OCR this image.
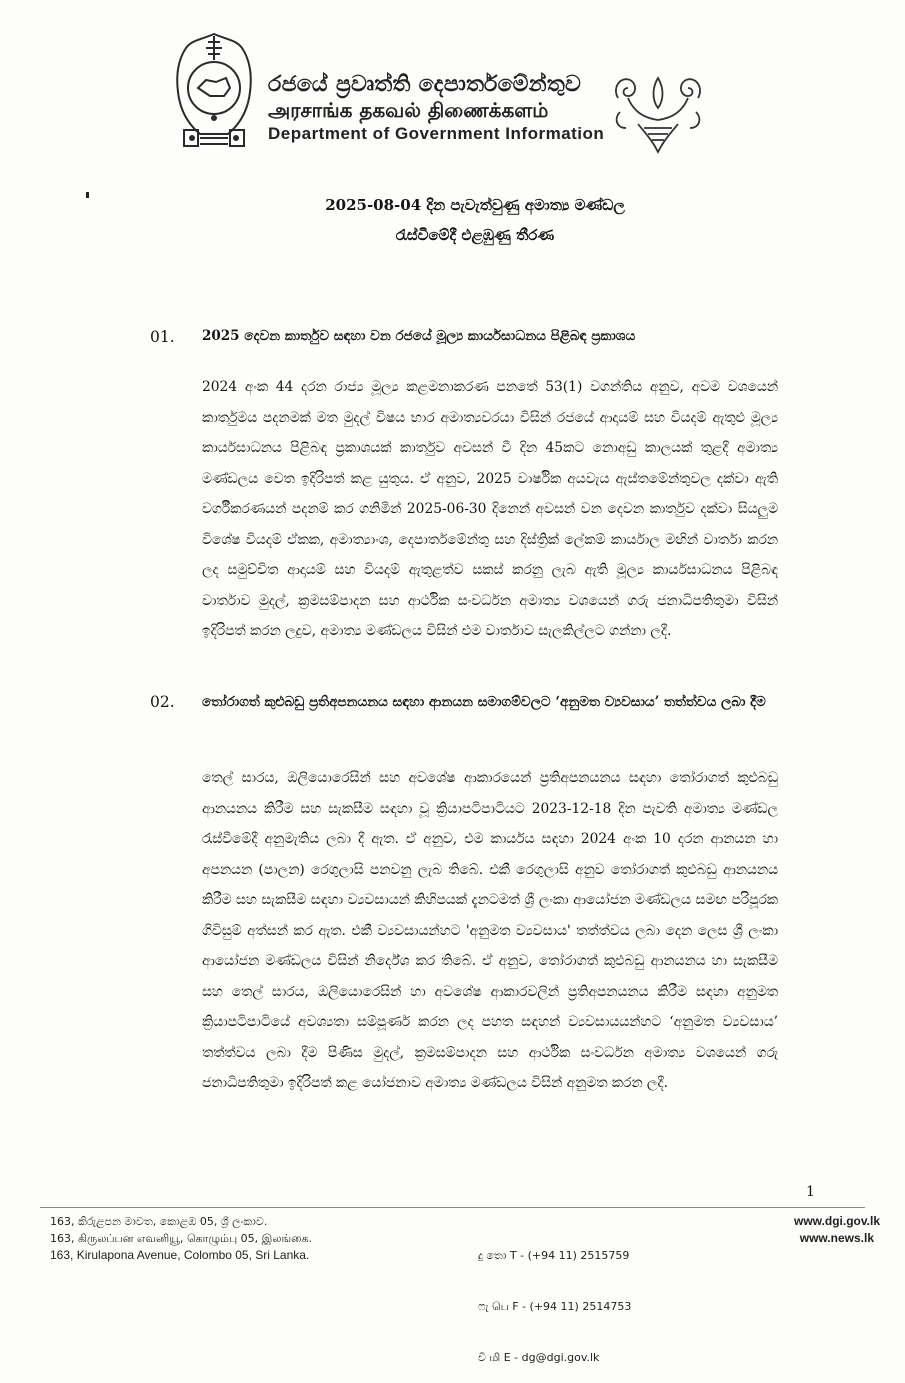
රජයේ ප්‍රවෘත්ති දෙපාර්තමේන්තුව
அரசாங்க தகவல் திணைக்களம்
Department of Government Information
2025-08-04 දින පැවැත්වුණු අමාත්‍ය මණ්ඩල
රැස්වීමේදී එළඹුණු තීරණ
01. 2025 දෙවන කාර්තුව සඳහා වන රජයේ මූල්‍ය කාර්යසාධනය පිළිබඳ ප්‍රකාශය
2024 අංක 44 දරන රාජ්‍ය මූල්‍ය කළමනාකරණ පනතේ 53(1) වගන්තිය අනුව, අවම වශයෙන් කාර්තුමය පදනමක් මත මුදල් විෂය භාර අමාත්‍යවරයා විසින් රජයේ ආදායම් සහ වියදම් ඇතුළු මූල්‍ය කාර්යසාධනය පිළිබඳ ප්‍රකාශයක් කාර්තුව අවසන් වී දින 45කට නොඅඩු කාලයක් තුළදී අමාත්‍ය මණ්ඩලය වෙත ඉදිරිපත් කළ යුතුය. ඒ අනුව, 2025 වාර්ෂික අයවැය ඇස්තමේන්තුවල දක්වා ඇති වර්ගීකරණයන් පදනම් කර ගනිමින් 2025-06-30 දිනෙන් අවසන් වන දෙවන කාර්තුව දක්වා සියලුම විශේෂ වියදම් ඒකක, අමාත්‍යාංශ, දෙපාර්තමේන්තු සහ දිස්ත්‍රික් ලේකම් කාර්යාල මඟින් වාර්තා කරන ලද සමුච්චිත ආදායම් සහ වියදම් ඇතුළත්ව සකස් කරනු ලැබ ඇති මූල්‍ය කාර්යසාධනය පිළිබඳ වාර්තාව මුදල්, ක්‍රමසම්පාදන සහ ආර්ථික සංවර්ධන අමාත්‍ය වශයෙන් ගරු ජනාධිපතිතුමා විසින් ඉදිරිපත් කරන ලදුව, අමාත්‍ය මණ්ඩලය විසින් එම වාර්තාව සැලකිල්ලට ගන්නා ලදී.
02. තෝරාගත් කුළුබඩු ප්‍රතිඅපනයනය සඳහා ආනයන සමාගම්වලට ‘අනුමත ව්‍යවසාය’ තත්ත්වය ලබා දීම
තෙල් සාරය, ඔලියොරෙසින් සහ අවශේෂ ආකාරයෙන් ප්‍රතිඅපනයනය සඳහා තෝරාගත් කුළුබඩු ආනයනය කිරීම සහ සැකසීම සඳහා වූ ක්‍රියාපටිපාටියට 2023-12-18 දින පැවති අමාත්‍ය මණ්ඩල රැස්වීමේදී අනුමැතිය ලබා දී ඇත. ඒ අනුව, එම කාර්යය සඳහා 2024 අංක 10 දරන ආනයන හා අපනයන (පාලන) රෙගුලාසි පනවනු ලැබ තිබේ. එකී රෙගුලාසි අනුව තෝරාගත් කුළුබඩු ආනයනය කිරීම සහ සැකසීම සඳහා ව්‍යවසායන් කිහිපයක් දැනටමත් ශ්‍රී ලංකා ආයෝජන මණ්ඩලය සමඟ පරිපූරක ගිවිසුම් අත්සන් කර ඇත. එකී ව්‍යවසායන්හට 'අනුමත ව්‍යවසාය' තත්ත්වය ලබා දෙන ලෙස ශ්‍රී ලංකා ආයෝජන මණ්ඩලය විසින් නිර්දේශ කර තිබේ. ඒ අනුව, තෝරාගත් කුළුබඩු ආනයනය හා සැකසීම සහ තෙල් සාරය, ඔලියොරෙසින් හා අවශේෂ ආකාරවලින් ප්‍රතිඅපනයනය කිරීම සඳහා අනුමත ක්‍රියාපටිපාටියේ අවශ්‍යතා සම්පූර්ණ කරන ලද පහත සඳහන් ව්‍යවසායයන්හට ‘අනුමත ව්‍යවසාය’ තත්ත්වය ලබා දීම පිණිස මුදල්, ක්‍රමසම්පාදන සහ ආර්ථික සංවර්ධන අමාත්‍ය වශයෙන් ගරු ජනාධිපතිතුමා ඉදිරිපත් කළ යෝජනාව අමාත්‍ය මණ්ඩලය විසින් අනුමත කරන ලදී.
1
163, කිරුළපන මාවත, කොළඹ 05, ශ්‍රී ලංකාව.
163, கிருலப்பன எவனியூ, கொழும்பு 05, இலங்கை.
163, Kirulapona Avenue, Colombo 05, Sri Lanka.

	දු තො T - (+94 11) 2515759

ෆැ பெ F - (+94 11) 2514753

වි மி E - dg@dgi.gov.lk

www.dgi.gov.lk
www.news.lk
